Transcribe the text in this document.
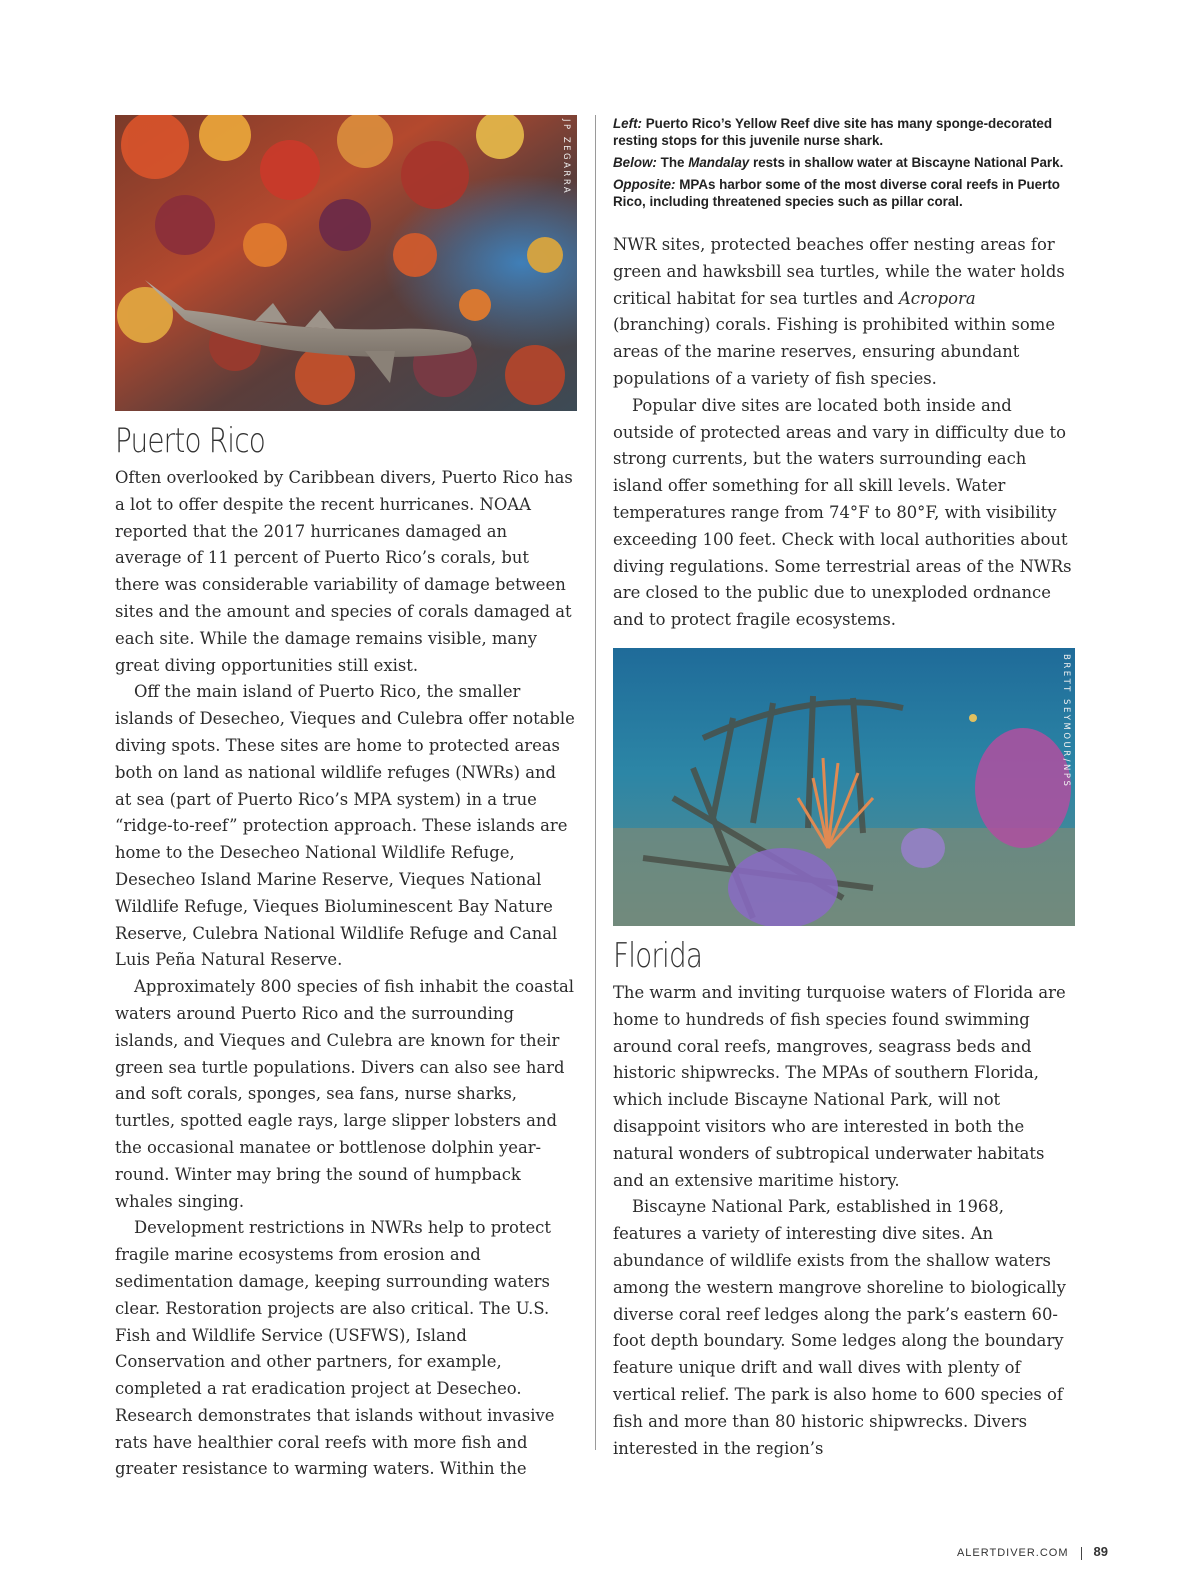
JP ZEGARRA
Puerto Rico

Often overlooked by Caribbean divers, Puerto Rico has a lot to offer despite the recent hurricanes. NOAA reported that the 2017 hurricanes damaged an average of 11 percent of Puerto Rico’s corals, but there was considerable variability of damage between sites and the amount and species of corals damaged at each site. While the damage remains visible, many great diving opportunities still exist.

Off the main island of Puerto Rico, the smaller islands of Desecheo, Vieques and Culebra offer notable diving spots. These sites are home to protected areas both on land as national wildlife refuges (NWRs) and at sea (part of Puerto Rico’s MPA system) in a true “ridge-to-reef” protection approach. These islands are home to the Desecheo National Wildlife Refuge, Desecheo Island Marine Reserve, Vieques National Wildlife Refuge, Vieques Bioluminescent Bay Nature Reserve, Culebra National Wildlife Refuge and Canal Luis Peña Natural Reserve.

Approximately 800 species of fish inhabit the coastal waters around Puerto Rico and the surrounding islands, and Vieques and Culebra are known for their green sea turtle populations. Divers can also see hard and soft corals, sponges, sea fans, nurse sharks, turtles, spotted eagle rays, large slipper lobsters and the occasional manatee or bottlenose dolphin year-round. Winter may bring the sound of humpback whales singing.

Development restrictions in NWRs help to protect fragile marine ecosystems from erosion and sedimentation damage, keeping surrounding waters clear. Restoration projects are also critical. The U.S. Fish and Wildlife Service (USFWS), Island Conservation and other partners, for example, completed a rat eradication project at Desecheo. Research demonstrates that islands without invasive rats have healthier coral reefs with more fish and greater resistance to warming waters. Within the

Left: Puerto Rico’s Yellow Reef dive site has many sponge-decorated resting stops for this juvenile nurse shark.

Below: The Mandalay rests in shallow water at Biscayne National Park.

Opposite: MPAs harbor some of the most diverse coral reefs in Puerto Rico, including threatened species such as pillar coral.

NWR sites, protected beaches offer nesting areas for green and hawksbill sea turtles, while the water holds critical habitat for sea turtles and Acropora (branching) corals. Fishing is prohibited within some areas of the marine reserves, ensuring abundant populations of a variety of fish species.

Popular dive sites are located both inside and outside of protected areas and vary in difficulty due to strong currents, but the waters surrounding each island offer something for all skill levels. Water temperatures range from 74°F to 80°F, with visibility exceeding 100 feet. Check with local authorities about diving regulations. Some terrestrial areas of the NWRs are closed to the public due to unexploded ordnance and to protect fragile ecosystems.

BRETT SEYMOUR/NPS
Florida

The warm and inviting turquoise waters of Florida are home to hundreds of fish species found swimming around coral reefs, mangroves, seagrass beds and historic shipwrecks. The MPAs of southern Florida, which include Biscayne National Park, will not disappoint visitors who are interested in both the natural wonders of subtropical underwater habitats and an extensive maritime history.

Biscayne National Park, established in 1968, features a variety of interesting dive sites. An abundance of wildlife exists from the shallow waters among the western mangrove shoreline to biologically diverse coral reef ledges along the park’s eastern 60-foot depth boundary. Some ledges along the boundary feature unique drift and wall dives with plenty of vertical relief. The park is also home to 600 species of fish and more than 80 historic shipwrecks. Divers interested in the region’s

ALERTDIVER.COM 89
